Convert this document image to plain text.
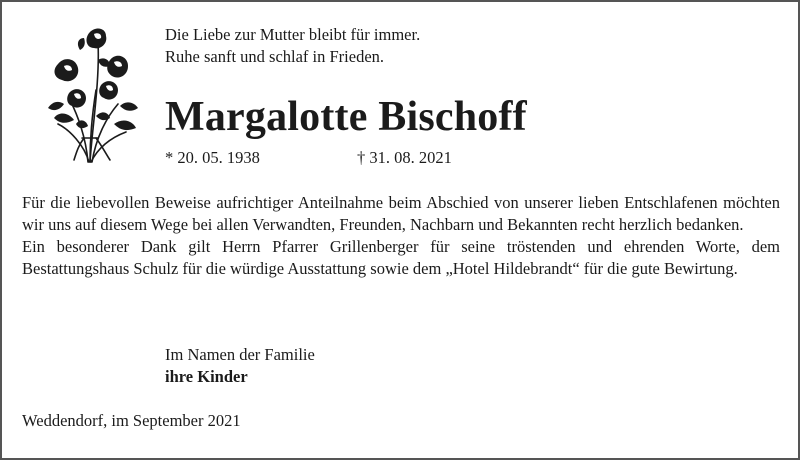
Die Liebe zur Mutter bleibt für immer.
Ruhe sanft und schlaf in Frieden.
Margalotte Bischoff
* 20. 05. 1938	† 31. 08. 2021

Für die liebevollen Beweise aufrichtiger Anteilnahme beim Abschied von unserer lieben Entschlafenen möchten wir uns auf diesem Wege bei allen Verwandten, Freunden, Nachbarn und Bekannten recht herzlich bedanken.

Ein besonderer Dank gilt Herrn Pfarrer Grillenberger für seine tröstenden und ehrenden Worte, dem Bestattungshaus Schulz für die würdige Ausstattung sowie dem „Hotel Hildebrandt“ für die gute Bewirtung.

Im Namen der Familie
ihre Kinder
Weddendorf, im September 2021
